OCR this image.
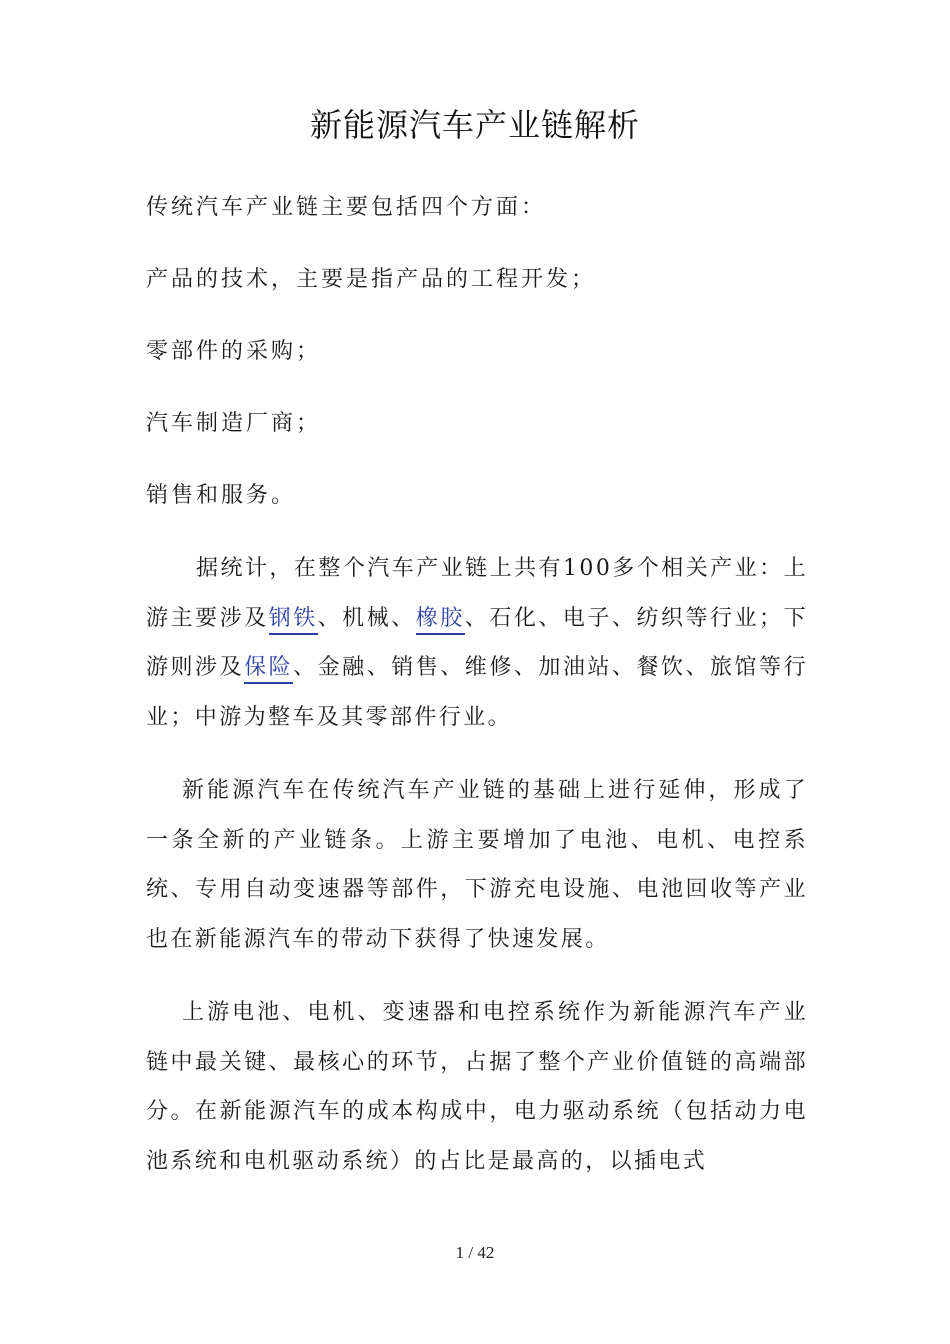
新能源汽车产业链解析

传统汽车产业链主要包括四个方面：

产品的技术，主要是指产品的工程开发；

零部件的采购；

汽车制造厂商；

销售和服务。

据统计，在整个汽车产业链上共有100多个相关产业：上游主要涉及钢铁、机械、橡胶、石化、电子、纺织等行业；下游则涉及保险、金融、销售、维修、加油站、餐饮、旅馆等行业；中游为整车及其零部件行业。

新能源汽车在传统汽车产业链的基础上进行延伸，形成了一条全新的产业链条。上游主要增加了电池、电机、电控系统、专用自动变速器等部件，下游充电设施、电池回收等产业也在新能源汽车的带动下获得了快速发展。

上游电池、电机、变速器和电控系统作为新能源汽车产业链中最关键、最核心的环节，占据了整个产业价值链的高端部分。在新能源汽车的成本构成中，电力驱动系统（包括动力电池系统和电机驱动系统）的占比是最高的，以插电式

1 / 42
